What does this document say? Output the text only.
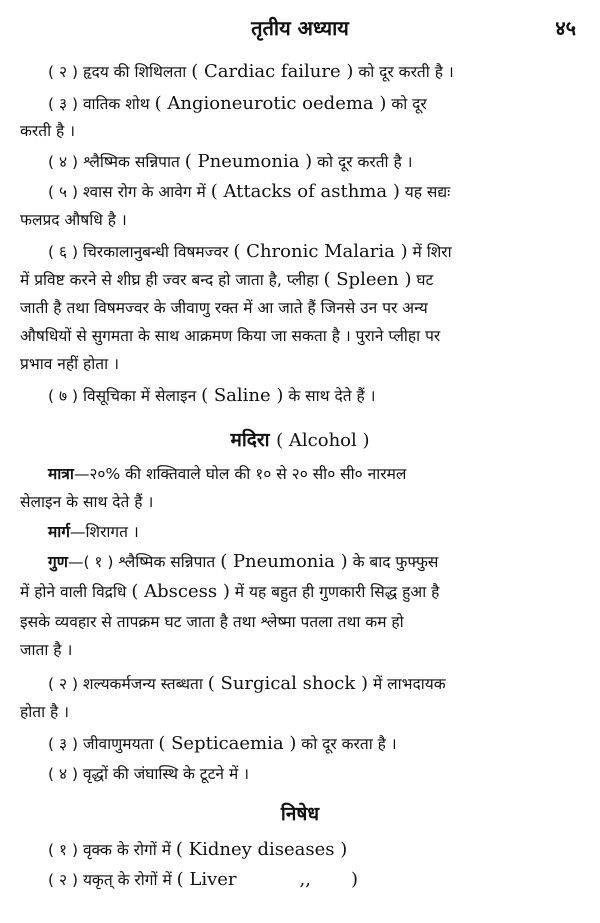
तृतीय अध्याय	४५
( २ ) हृदय की शिथिलता ( Cardiac failure ) को दूर करती है ।
( ३ ) वातिक शोथ ( Angioneurotic oedema ) को दूर
करती है ।
( ४ ) श्लैष्मिक सन्निपात ( Pneumonia ) को दूर करती है ।
( ५ ) श्वास रोग के आवेग में ( Attacks of asthma ) यह सद्यः
फलप्रद औषधि है ।
( ६ ) चिरकालानुबन्धी विषमज्वर ( Chronic Malaria ) में शिरा
में प्रविष्ट करने से शीघ्र ही ज्वर बन्द हो जाता है, प्लीहा ( Spleen ) घट
जाती है तथा विषमज्वर के जीवाणु रक्त में आ जाते हैं जिनसे उन पर अन्य
औषधियों से सुगमता के साथ आक्रमण किया जा सकता है । पुराने प्लीहा पर
प्रभाव नहीं होता ।
( ७ ) विसूचिका में सेलाइन ( Saline ) के साथ देते हैं ।
मदिरा ( Alcohol )
मात्रा—२०% की शक्तिवाले घोल की १० से २० सी० सी० नारमल
सेलाइन के साथ देते हैं ।
मार्ग—शिरागत ।
गुण—( १ ) श्लैष्मिक सन्निपात ( Pneumonia ) के बाद फुफ्फुस
में होने वाली विद्रधि ( Abscess ) में यह बहुत ही गुणकारी सिद्ध हुआ है
इसके व्यवहार से तापक्रम घट जाता है तथा श्लेष्मा पतला तथा कम हो
जाता है ।
( २ ) शल्यकर्मजन्य स्तब्धता ( Surgical shock ) में लाभदायक
होता है ।
( ३ ) जीवाणुमयता ( Septicaemia ) को दूर करता है ।
( ४ ) वृद्धों की जंघास्थि के टूटने में ।
निषेध
( १ ) वृक्क के रोगों में ( Kidney diseases )
( २ ) यकृत् के रोगों में ( Liver           ,,       )
